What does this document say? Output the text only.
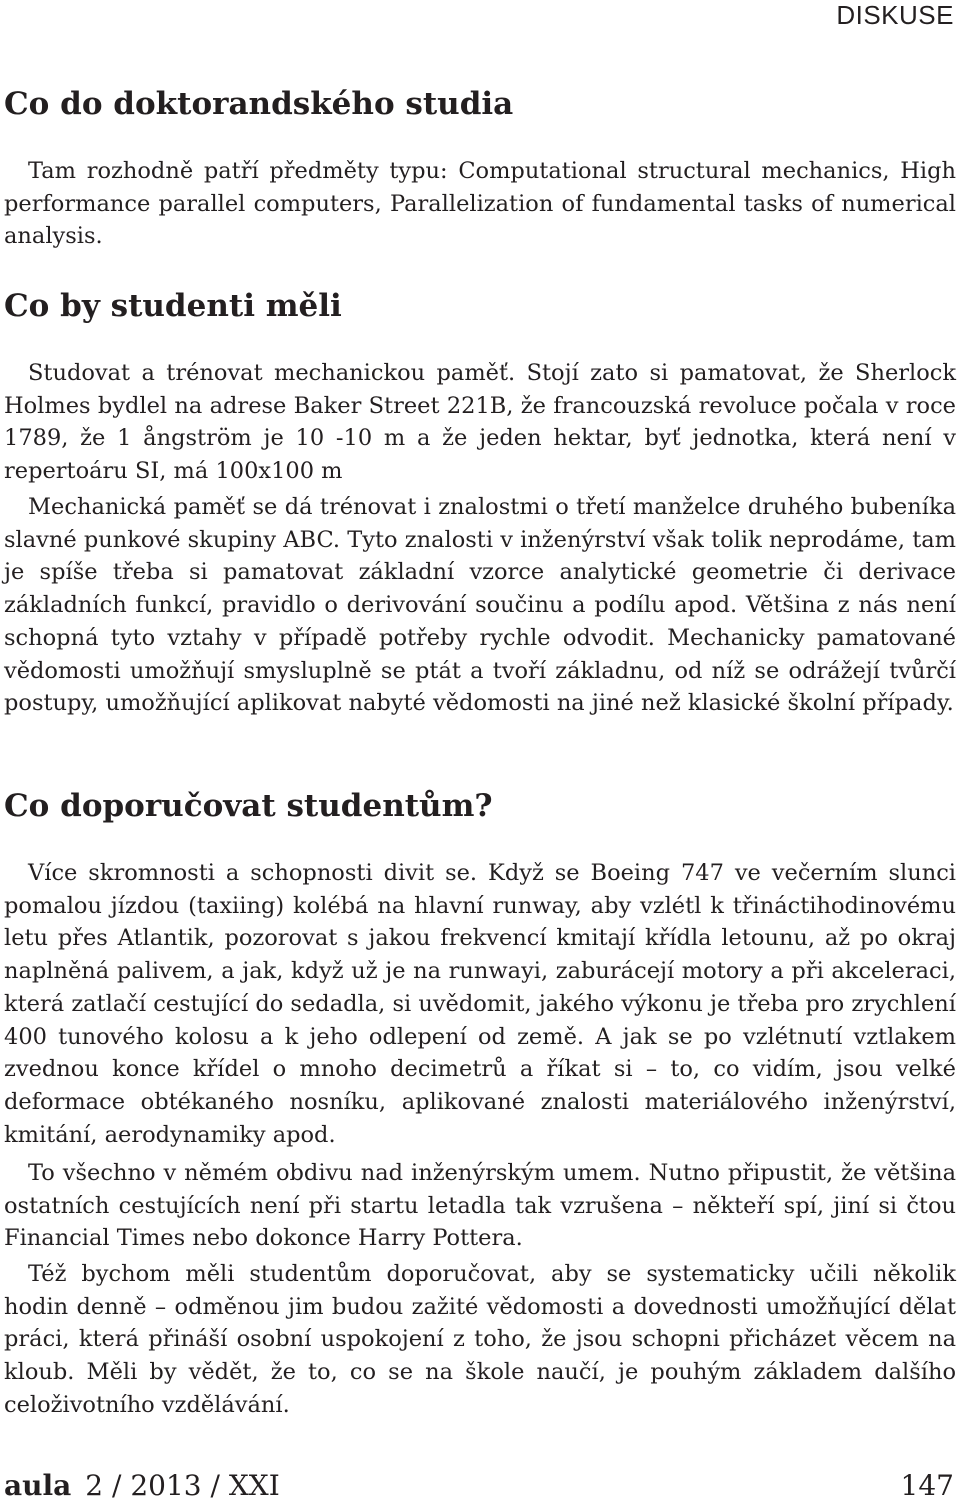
DISKUSE
Co do doktorandského studia

Tam rozhodně patří předměty typu: Computational structural mechanics, High performance parallel computers, Parallelization of fundamental tasks of numerical analysis.

Co by studenti měli

Studovat a trénovat mechanickou paměť. Stojí zato si pamatovat, že Sherlock Holmes bydlel na adrese Baker Street 221B, že francouzská revoluce počala v roce 1789, že 1 ångström je 10 -10 m a že jeden hektar, byť jednotka, která není v repertoáru SI, má 100x100 m

Mechanická paměť se dá trénovat i znalostmi o třetí manželce druhého bubeníka slavné punkové skupiny ABC. Tyto znalosti v inženýrství však tolik neprodáme, tam je spíše třeba si pamatovat základní vzorce analytické geometrie či derivace základních funkcí, pravidlo o derivování součinu a podílu apod. Většina z nás není schopná tyto vztahy v případě potřeby rychle odvodit. Mechanicky pamatované vědomosti umožňují smysluplně se ptát a tvoří základnu, od níž se odrážejí tvůrčí postupy, umožňující aplikovat nabyté vědomosti na jiné než klasické školní případy.

Co doporučovat studentům?

Více skromnosti a schopnosti divit se. Když se Boeing 747 ve večerním slunci pomalou jízdou (taxiing) kolébá na hlavní runway, aby vzlétl k třináctihodinovému letu přes Atlantik, pozorovat s jakou frekvencí kmitají křídla letounu, až po okraj naplněná palivem, a jak, když už je na runwayi, zaburácejí motory a při akceleraci, která zatlačí cestující do sedadla, si uvědomit, jakého výkonu je třeba pro zrychlení 400 tunového kolosu a k jeho odlepení od země. A jak se po vzlétnutí vztlakem zvednou konce křídel o mnoho decimetrů a říkat si – to, co vidím, jsou velké deformace obtékaného nosníku, aplikované znalosti materiálového inženýrství, kmitání, aerodynamiky apod.

To všechno v němém obdivu nad inženýrským umem. Nutno připustit, že většina ostatních cestujících není při startu letadla tak vzrušena – někteří spí, jiní si čtou Financial Times nebo dokonce Harry Pottera.

Též bychom měli studentům doporučovat, aby se systematicky učili několik hodin denně – odměnou jim budou zažité vědomosti a dovednosti umožňující dělat práci, která přináší osobní uspokojení z toho, že jsou schopni přicházet věcem na kloub. Měli by vědět, že to, co se na škole naučí, je pouhým základem dalšího celoživotního vzdělávání.

aula 2 / 2013 / XXI	147
